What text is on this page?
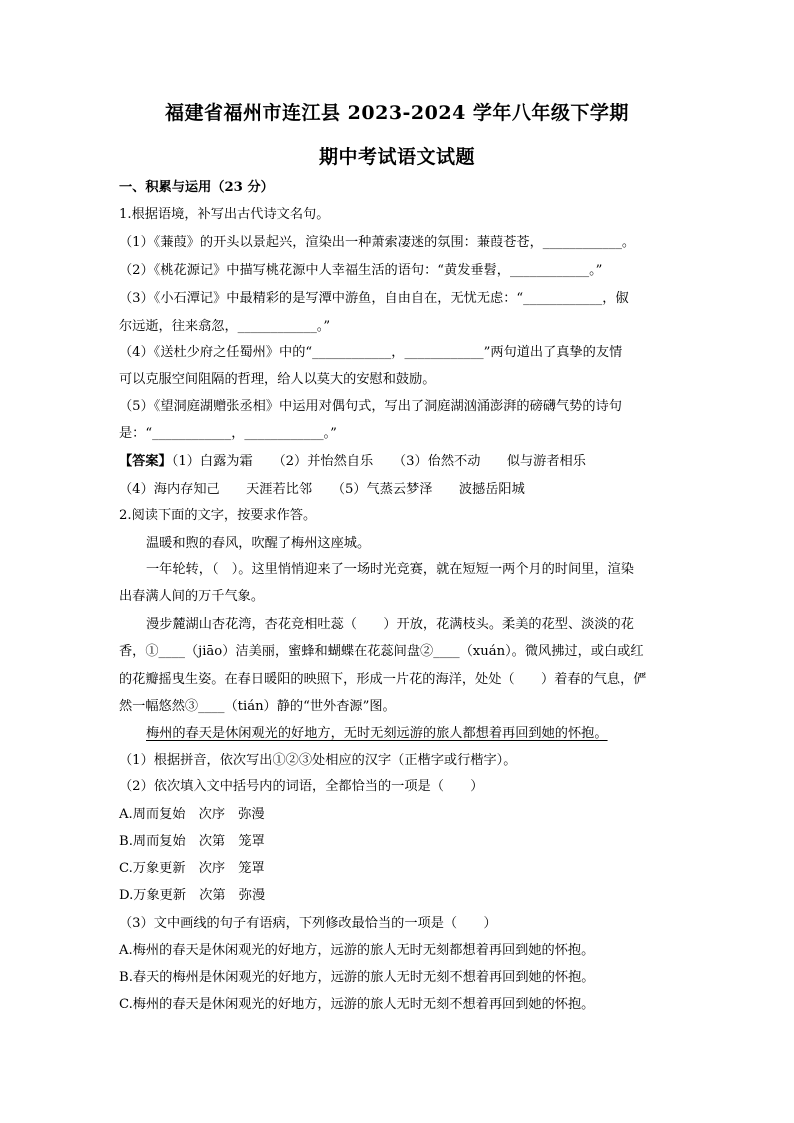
福建省福州市连江县 2023-2024 学年八年级下学期
期中考试语文试题
一、积累与运用（23 分）
1.根据语境，补写出古代诗文名句。
（1）《蒹葭》的开头以景起兴，渲染出一种萧索凄迷的氛围：蒹葭苍苍，____________。
（2）《桃花源记》中描写桃花源中人幸福生活的语句：“黄发垂髫，____________。”
（3）《小石潭记》中最精彩的是写潭中游鱼，自由自在，无忧无虑：“____________，俶
尔远逝，往来翕忽，____________。”
（4）《送杜少府之任蜀州》中的“____________，____________”两句道出了真挚的友情
可以克服空间阻隔的哲理，给人以莫大的安慰和鼓励。
（5）《望洞庭湖赠张丞相》中运用对偶句式，写出了洞庭湖汹涌澎湃的磅礴气势的诗句
是：“____________，____________。”
【答案】（1）白露为霜　　（2）并怡然自乐　　（3）佁然不动　　似与游者相乐
（4）海内存知己　　天涯若比邻　　（5）气蒸云梦泽　　波撼岳阳城
2.阅读下面的文字，按要求作答。
温暖和煦的春风，吹醒了梅州这座城。
一年轮转，（　）。这里悄悄迎来了一场时光竞赛，就在短短一两个月的时间里，渲染
出春满人间的万千气象。
漫步麓湖山杏花湾，杏花竞相吐蕊（　　）开放，花满枝头。柔美的花型、淡淡的花
香，①____（jiāo）洁美丽，蜜蜂和蝴蝶在花蕊间盘②____（xuán）。微风拂过，或白或红
的花瓣摇曳生姿。在春日暖阳的映照下，形成一片花的海洋，处处（　　）着春的气息，俨
然一幅悠然③____（tián）静的“世外杳源”图。
梅州的春天是休闲观光的好地方，无时无刻远游的旅人都想着再回到她的怀抱。
（1）根据拼音，依次写出①②③处相应的汉字（正楷字或行楷字）。
（2）依次填入文中括号内的词语，全都恰当的一项是（　　）
A.周而复始　次序　弥漫
B.周而复始　次第　笼罩
C.万象更新　次序　笼罩
D.万象更新　次第　弥漫
（3）文中画线的句子有语病，下列修改最恰当的一项是（　　）
A.梅州的春天是休闲观光的好地方，远游的旅人无时无刻都想着再回到她的怀抱。
B.春天的梅州是休闲观光的好地方，远游的旅人无时无刻不想着再回到她的怀抱。
C.梅州的春天是休闲观光的好地方，远游的旅人无时无刻不想着再回到她的怀抱。
